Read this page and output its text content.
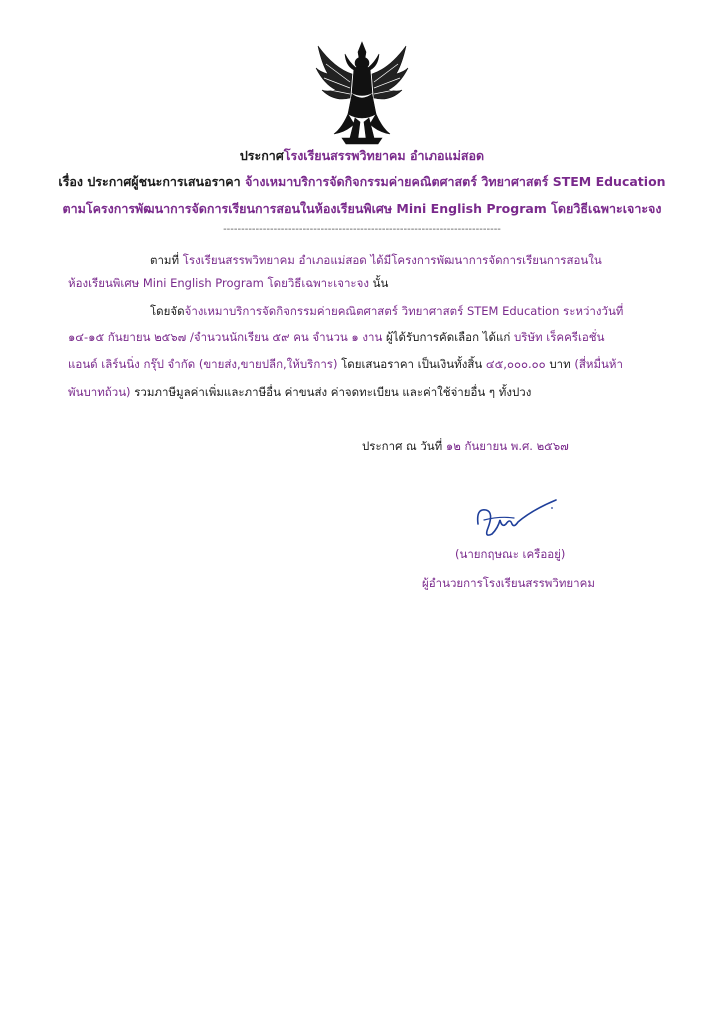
ประกาศโรงเรียนสรรพวิทยาคม อำเภอแม่สอด
เรื่อง ประกาศผู้ชนะการเสนอราคา จ้างเหมาบริการจัดกิจกรรมค่ายคณิตศาสตร์ วิทยาศาสตร์ STEM Education
ตามโครงการพัฒนาการจัดการเรียนการสอนในห้องเรียนพิเศษ Mini English Program โดยวิธีเฉพาะเจาะจง
-----------------------------------------------------------------------------
ตามที่ โรงเรียนสรรพวิทยาคม อำเภอแม่สอด ได้มีโครงการพัฒนาการจัดการเรียนการสอนใน
ห้องเรียนพิเศษ Mini English Program โดยวิธีเฉพาะเจาะจง นั้น
โดยจัดจ้างเหมาบริการจัดกิจกรรมค่ายคณิตศาสตร์ วิทยาศาสตร์ STEM Education ระหว่างวันที่
๑๔-๑๕ กันยายน ๒๕๖๗ /จำนวนนักเรียน ๕๙ คน จำนวน ๑ งาน ผู้ได้รับการคัดเลือก ได้แก่ บริษัท เร็คครีเอชั่น
แอนด์ เลิร์นนิ่ง กรุ๊ป จำกัด (ขายส่ง,ขายปลีก,ให้บริการ) โดยเสนอราคา เป็นเงินทั้งสิ้น ๔๕,๐๐๐.๐๐ บาท (สี่หมื่นห้า
พันบาทถ้วน) รวมภาษีมูลค่าเพิ่มและภาษีอื่น ค่าขนส่ง ค่าจดทะเบียน และค่าใช้จ่ายอื่น ๆ ทั้งปวง
ประกาศ ณ วันที่ ๑๒ กันยายน พ.ศ. ๒๕๖๗
(นายกฤษณะ เครืออยู่)
ผู้อำนวยการโรงเรียนสรรพวิทยาคม
